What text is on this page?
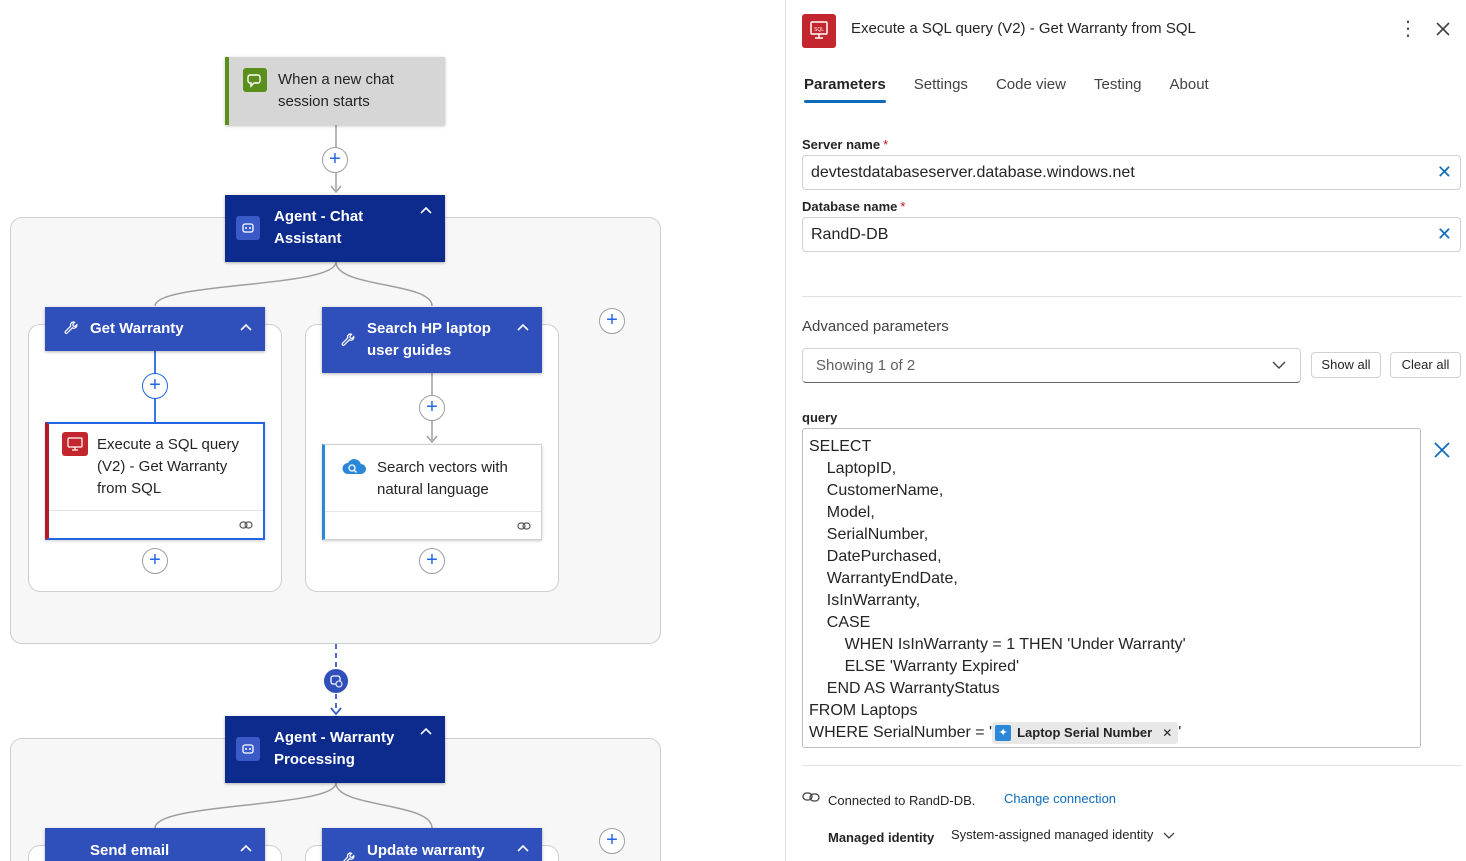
When a new chat session starts
+
Agent - Chat Assistant
Get Warranty	Search HP laptop user guides
+
+
+
Execute a SQL query (V2) - Get Warranty from SQL
Search vectors with natural language
+	+
Agent - Warranty Processing
Send email	Update warranty	+
SQL Execute a SQL query (V2) - Get Warranty from SQL	⋮
Parameters Settings Code view Testing About
Server name *
devtestdatabaseserver.database.windows.net	✕
Database name *
RandD-DB	✕
Advanced parameters
Showing 1 of 2	Show all	Clear all
query
SELECT
LaptopID,
CustomerName,
Model,
SerialNumber,
DatePurchased,
WarrantyEndDate,
IsInWarranty,
CASE
WHEN IsInWarranty = 1 THEN 'Under Warranty'
ELSE 'Warranty Expired'
END AS WarrantyStatus
FROM Laptops
WHERE SerialNumber = ' ✦ Laptop Serial Number ✕ '
Connected to RandD-DB. Change connection
Managed identity System-assigned managed identity
